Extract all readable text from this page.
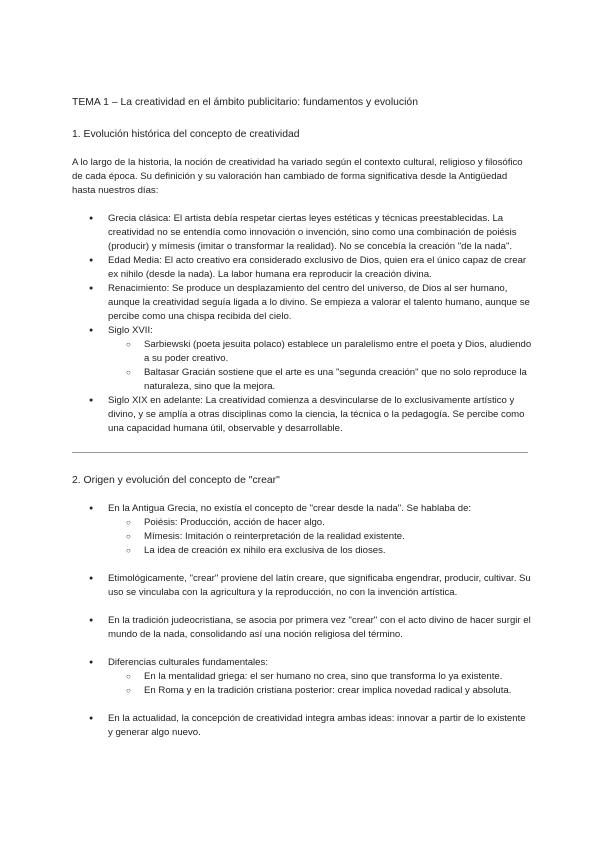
TEMA 1 – La creatividad en el ámbito publicitario: fundamentos y evolución
1. Evolución histórica del concepto de creatividad
A lo largo de la historia, la noción de creatividad ha variado según el contexto cultural, religioso y filosófico de cada época. Su definición y su valoración han cambiado de forma significativa desde la Antigüedad hasta nuestros días:
● Grecia clásica: El artista debía respetar ciertas leyes estéticas y técnicas preestablecidas. La creatividad no se entendía como innovación o invención, sino como una combinación de poiésis (producir) y mímesis (imitar o transformar la realidad). No se concebía la creación "de la nada".
● Edad Media: El acto creativo era considerado exclusivo de Dios, quien era el único capaz de crear ex nihilo (desde la nada). La labor humana era reproducir la creación divina.
● Renacimiento: Se produce un desplazamiento del centro del universo, de Dios al ser humano, aunque la creatividad seguía ligada a lo divino. Se empieza a valorar el talento humano, aunque se percibe como una chispa recibida del cielo.
● Siglo XVII:
○ Sarbiewski (poeta jesuita polaco) establece un paralelismo entre el poeta y Dios, aludiendo a su poder creativo.
○ Baltasar Gracián sostiene que el arte es una "segunda creación" que no solo reproduce la naturaleza, sino que la mejora.
● Siglo XIX en adelante: La creatividad comienza a desvincularse de lo exclusivamente artístico y divino, y se amplía a otras disciplinas como la ciencia, la técnica o la pedagogía. Se percibe como una capacidad humana útil, observable y desarrollable.
2. Origen y evolución del concepto de "crear"
● En la Antigua Grecia, no existía el concepto de "crear desde la nada". Se hablaba de:
○ Poiésis: Producción, acción de hacer algo.
○ Mímesis: Imitación o reinterpretación de la realidad existente.
○ La idea de creación ex nihilo era exclusiva de los dioses.
● Etimológicamente, "crear" proviene del latín creare, que significaba engendrar, producir, cultivar. Su uso se vinculaba con la agricultura y la reproducción, no con la invención artística.
● En la tradición judeocristiana, se asocia por primera vez "crear" con el acto divino de hacer surgir el mundo de la nada, consolidando así una noción religiosa del término.
● Diferencias culturales fundamentales:
○ En la mentalidad griega: el ser humano no crea, sino que transforma lo ya existente.
○ En Roma y en la tradición cristiana posterior: crear implica novedad radical y absoluta.
● En la actualidad, la concepción de creatividad integra ambas ideas: innovar a partir de lo existente y generar algo nuevo.
